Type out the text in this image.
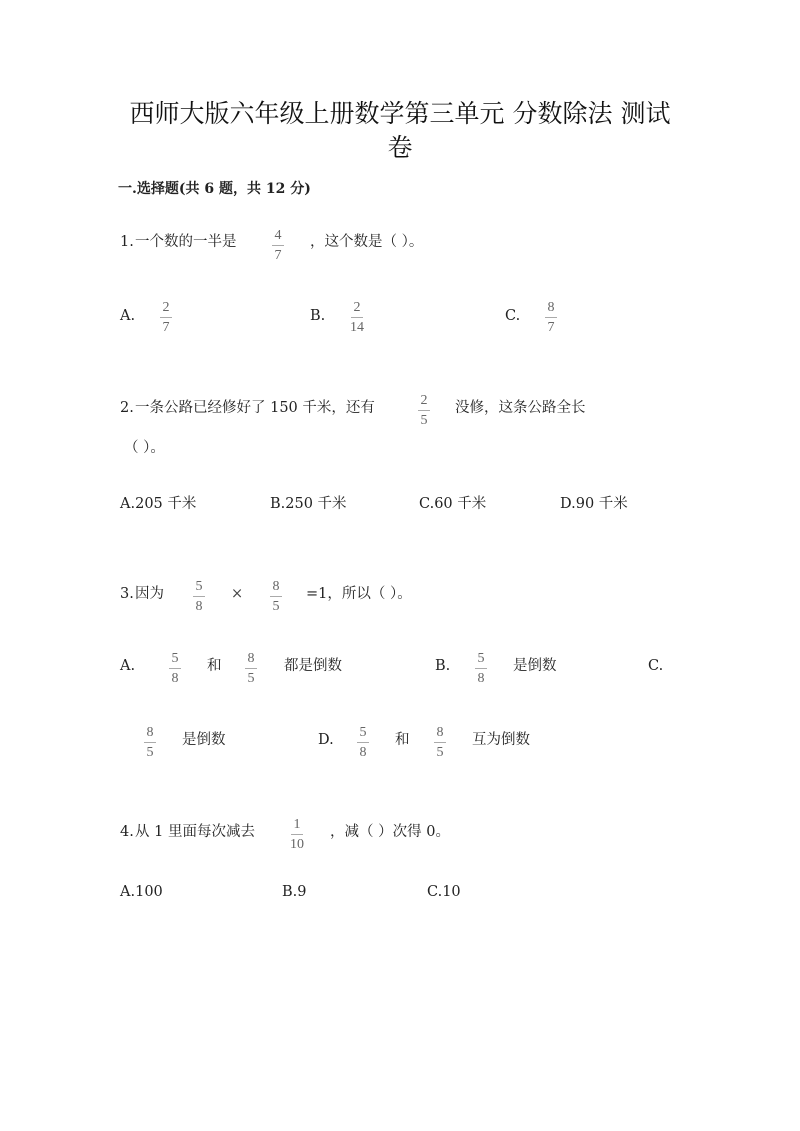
西师大版六年级上册数学第三单元 分数除法 测试
卷
一.选择题(共 6 题，共 12 分)
1. 一个数的一半是	$\frac{4}{7}$ ，这个数是（ ）。
A. $\frac{2}{7}$	B. $\frac{2}{14}$	C. $\frac{8}{7}$
2. 一条公路已经修好了 150 千米，还有	$\frac{2}{5}$ 没修，这条公路全长
（ ）。
A.205 千米	B.250 千米	C.60 千米	D.90 千米
3. 因为 $\frac{5}{8} \times \frac{8}{5} =1$，所以（ ）。
A. $\frac{5}{8}$ 和 $\frac{8}{5}$ 都是倒数	B. $\frac{5}{8}$ 是倒数	C.
$\frac{8}{5}$ 是倒数	D. $\frac{5}{8}$ 和 $\frac{8}{5}$ 互为倒数
4. 从 1 里面每次减去	$\frac{1}{10}$ ，减（ ）次得 0。
A.100	B.9	C.10
